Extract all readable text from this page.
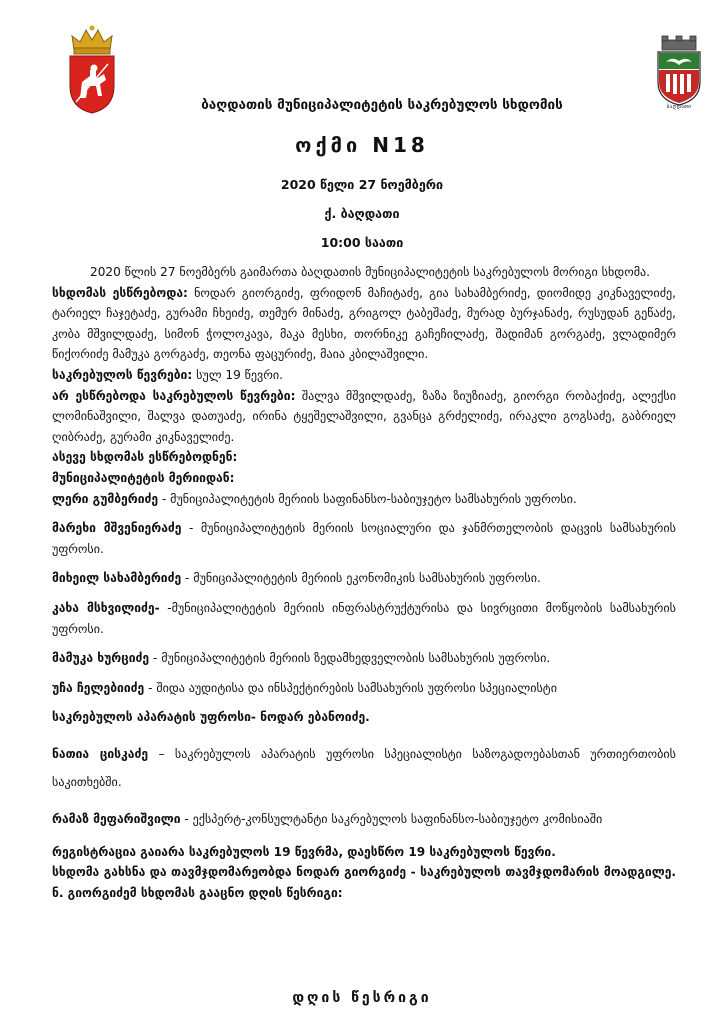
ბაღდათი
ბაღდათის მუნიციპალიტეტის საკრებულოს სხდომის
ოქმი N18
2020 წელი 27 ნოემბერი
ქ. ბაღდათი
10:00 საათი

2020 წლის 27 ნოემბერს გაიმართა ბაღდათის მუნიციპალიტეტის საკრებულოს მორიგი სხდომა.

სხდომას ესწრებოდა: ნოდარ გიორგიძე, ფრიდონ მაჩიტაძე, გია სახამბერიძე, დიომიდე კიკნაველიძე, ტარიელ ჩაჯეტაძე, გურამი ჩხეიძე, თემურ მინაძე, გრიგოლ ტაბეშაძე, მურად ბურჯანაძე, რუსუდან გეწაძე, კობა მშვილდაძე, სიმონ ჭოლოკავა, მაკა მესხი, თორნიკე გაჩეჩილაძე, შადიმან გორგაძე, ვლადიმერ წიქორიძე მამუკა გორგაძე, თეონა ფაცურიძე, მაია კბილაშვილი.

საკრებულოს წევრები: სულ 19 წევრი.

არ ესწრებოდა საკრებულოს წევრები: შალვა მშვილდაძე, ზაზა ზიუზიაძე, გიორგი რობაქიძე, ალექსი ლომინაშვილი, შალვა დათუაძე, ირინა ტყეშელაშვილი, გვანცა გრძელიძე, ირაკლი გოგსაძე, გაბრიელ ღიბრაძე, გურამი კიკნაველიძე.

ასევე სხდომას ესწრებოდნენ:

მუნიციპალიტეტის მერიიდან:

ლერი გუმბერიძე - მუნიციპალიტეტის მერიის საფინანსო-საბიუჯეტო სამსახურის უფროსი.

მარეხი მშვენიერაძე - მუნიციპალიტეტის მერიის სოციალური და ჯანმრთელობის დაცვის სამსახურის უფროსი.

მიხეილ სახამბერიძე - მუნიციპალიტეტის მერიის ეკონომიკის სამსახურის უფროსი.

კახა მსხვილიძე- -მუნიციპალიტეტის მერიის ინფრასტრუქტურისა და სივრცითი მოწყობის სამსახურის უფროსი.

მამუკა ხურციძე - მუნიციპალიტეტის მერიის ზედამხედველობის სამსახურის უფროსი.

უჩა ჩელებიიძე - შიდა აუდიტისა და ინსპექტირების სამსახურის უფროსი სპეციალისტი

საკრებულოს აპარატის უფროსი- ნოდარ ებანოიძე.

ნათია ცისკაძე – საკრებულოს აპარატის უფროსი სპეციალისტი საზოგადოებასთან ურთიერთობის საკითხებში.

რამაზ მეფარიშვილი - ექსპერტ-კონსულტანტი საკრებულოს საფინანსო-საბიუჯეტო კომისიაში

რეგისტრაცია გაიარა საკრებულოს 19 წევრმა, დაესწრო 19 საკრებულოს წევრი.

სხდომა გახსნა და თავმჯდომარეობდა ნოდარ გიორგიძე - საკრებულოს თავმჯდომარის მოადგილე. ნ. გიორგიძემ სხდომას გააცნო დღის წესრიგი:

დღის წესრიგი
